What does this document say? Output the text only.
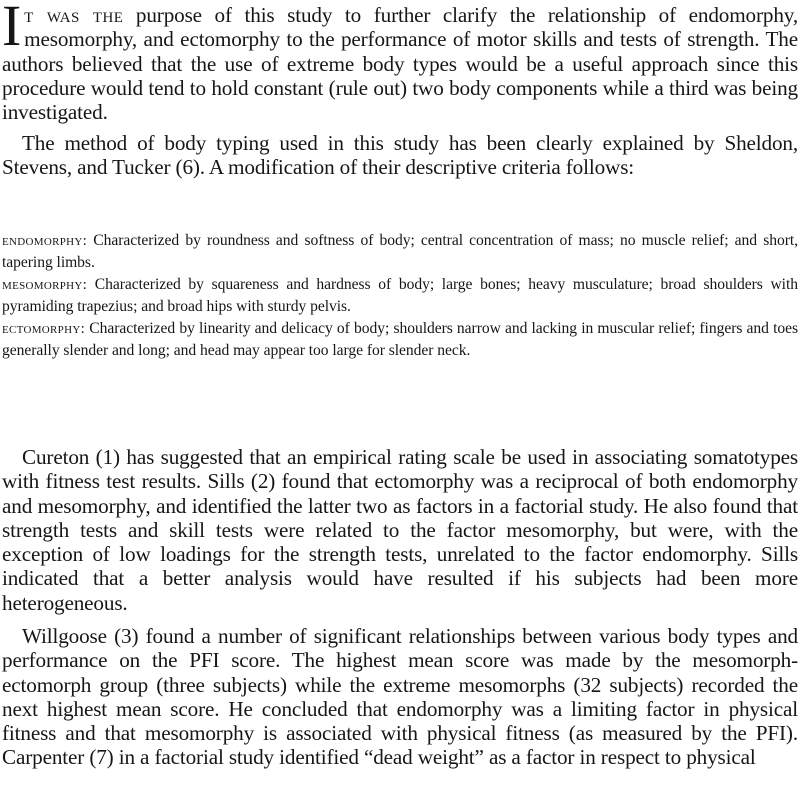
It was the purpose of this study to further clarify the relationship of endomorphy, mesomorphy, and ectomorphy to the performance of motor skills and tests of strength. The authors believed that the use of extreme body types would be a useful approach since this procedure would tend to hold constant (rule out) two body components while a third was being investigated.

The method of body typing used in this study has been clearly explained by Sheldon, Stevens, and Tucker (6). A modification of their descriptive criteria follows:

endomorphy: Characterized by roundness and softness of body; central concentration of mass; no muscle relief; and short, tapering limbs.

mesomorphy: Characterized by squareness and hardness of body; large bones; heavy musculature; broad shoulders with pyramiding trapezius; and broad hips with sturdy pelvis.

ectomorphy: Characterized by linearity and delicacy of body; shoulders narrow and lacking in muscular relief; fingers and toes generally slender and long; and head may appear too large for slender neck.

Cureton (1) has suggested that an empirical rating scale be used in associating somatotypes with fitness test results. Sills (2) found that ectomorphy was a reciprocal of both endomorphy and mesomorphy, and identified the latter two as factors in a factorial study. He also found that strength tests and skill tests were related to the factor mesomorphy, but were, with the exception of low loadings for the strength tests, unrelated to the factor endomorphy. Sills indicated that a better analysis would have resulted if his subjects had been more heterogeneous.

Willgoose (3) found a number of significant relationships between various body types and performance on the PFI score. The highest mean score was made by the mesomorph-ectomorph group (three subjects) while the extreme mesomorphs (32 subjects) recorded the next highest mean score. He concluded that endomorphy was a limiting factor in physical fitness and that mesomorphy is associated with physical fitness (as measured by the PFI). Carpenter (7) in a factorial study identified “dead weight” as a factor in respect to physical
